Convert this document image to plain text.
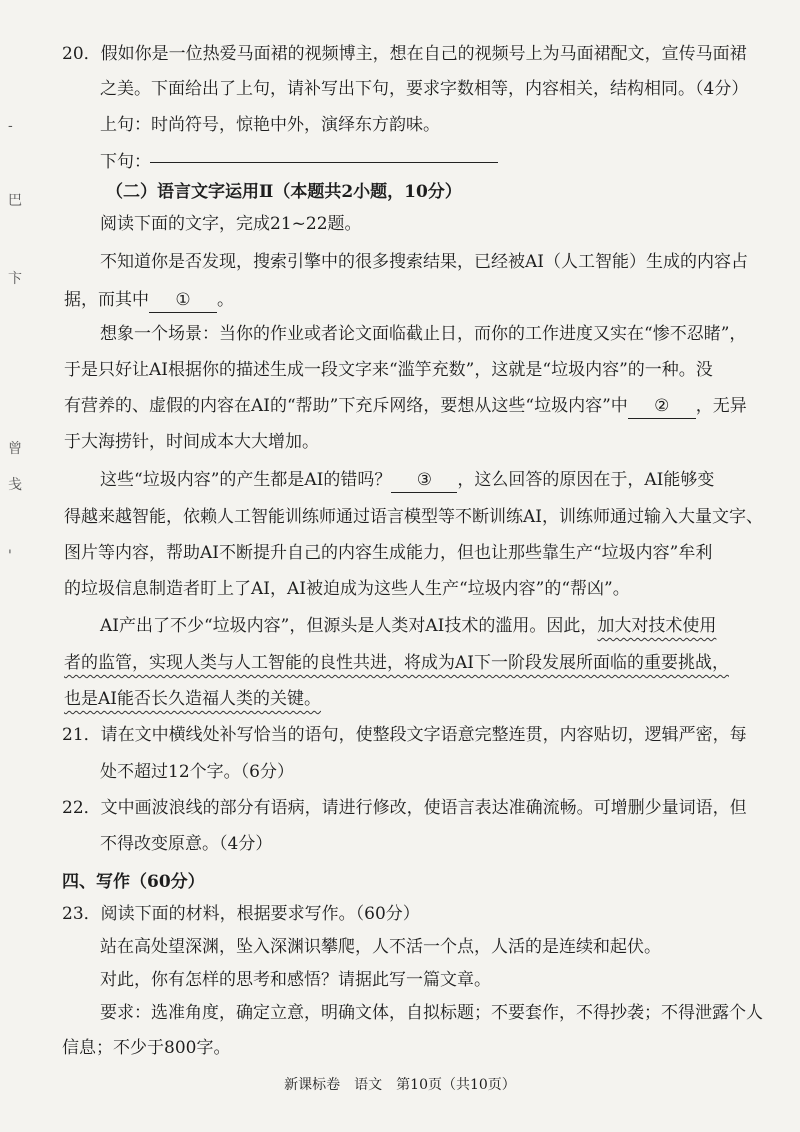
-
巴
卞
曾
戋
'
20．假如你是一位热爱马面裙的视频博主，想在自己的视频号上为马面裙配文，宣传马面裙
之美。下面给出了上句，请补写出下句，要求字数相等，内容相关，结构相同。（4分）
上句：时尚符号，惊艳中外，演绎东方韵味。
下句：
（二）语言文字运用Ⅱ（本题共2小题，10分）
阅读下面的文字，完成21~22题。
不知道你是否发现，搜索引擎中的很多搜索结果，已经被AI（人工智能）生成的内容占
据，而其中 ① 。
想象一个场景：当你的作业或者论文面临截止日，而你的工作进度又实在“惨不忍睹”，
于是只好让AI根据你的描述生成一段文字来“滥竽充数”，这就是“垃圾内容”的一种。没
有营养的、虚假的内容在AI的“帮助”下充斥网络，要想从这些“垃圾内容”中 ② ，无异
于大海捞针，时间成本大大增加。
这些“垃圾内容”的产生都是AI的错吗？ ③ ，这么回答的原因在于，AI能够变
得越来越智能，依赖人工智能训练师通过语言模型等不断训练AI，训练师通过输入大量文字、
图片等内容，帮助AI不断提升自己的内容生成能力，但也让那些靠生产“垃圾内容”牟利
的垃圾信息制造者盯上了AI，AI被迫成为这些人生产“垃圾内容”的“帮凶”。
AI产出了不少“垃圾内容”，但源头是人类对AI技术的滥用。因此，加大对技术使用
者的监管，实现人类与人工智能的良性共进，将成为AI下一阶段发展所面临的重要挑战，
也是AI能否长久造福人类的关键。
21．请在文中横线处补写恰当的语句，使整段文字语意完整连贯，内容贴切，逻辑严密，每
处不超过12个字。（6分）
22．文中画波浪线的部分有语病，请进行修改，使语言表达准确流畅。可增删少量词语，但
不得改变原意。（4分）
四、写作（60分）
23．阅读下面的材料，根据要求写作。（60分）
站在高处望深渊，坠入深渊识攀爬，人不活一个点，人活的是连续和起伏。
对此，你有怎样的思考和感悟？请据此写一篇文章。
要求：选准角度，确定立意，明确文体，自拟标题；不要套作，不得抄袭；不得泄露个人
信息；不少于800字。
新课标卷　语文　第10页（共10页）
